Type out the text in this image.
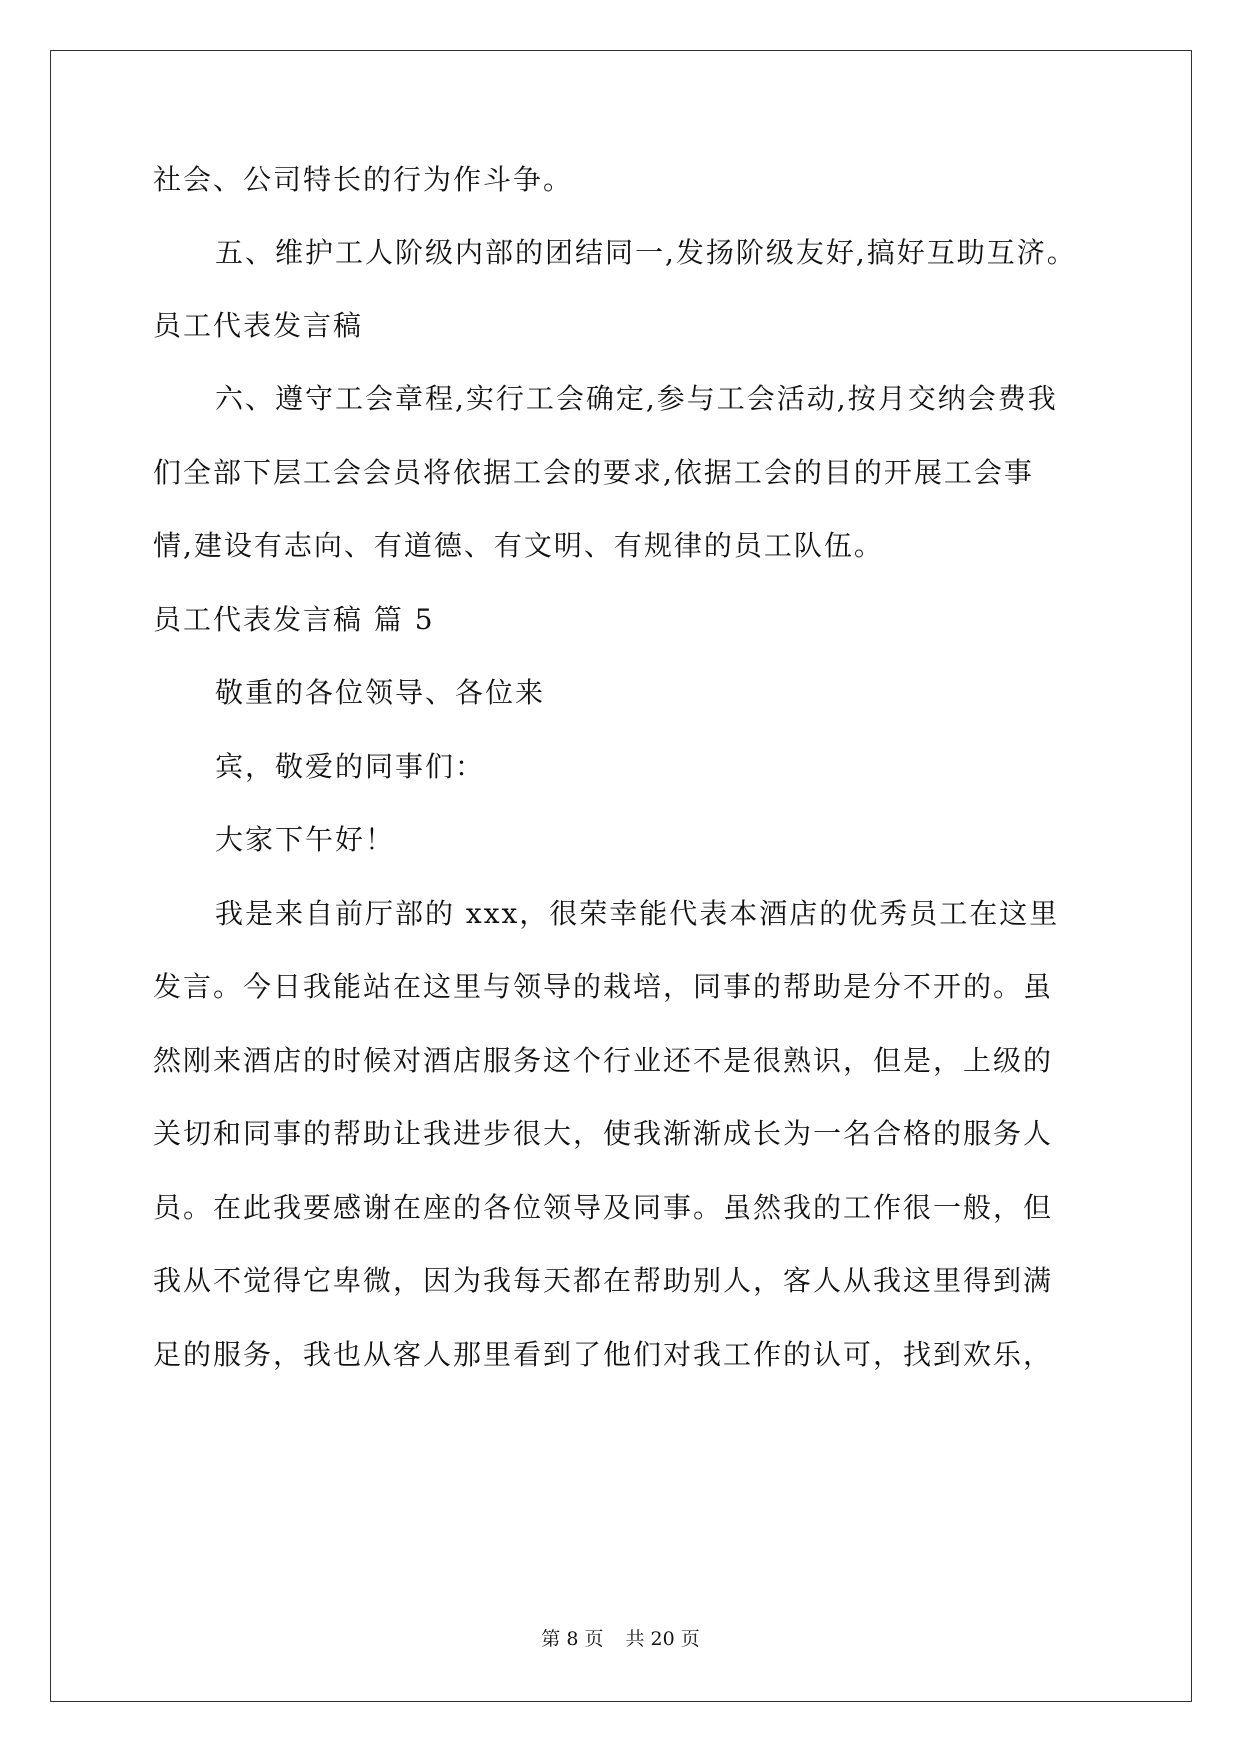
社会、公司特长的行为作斗争。
五、维护工人阶级内部的团结同一,发扬阶级友好,搞好互助互济。
员工代表发言稿
六、遵守工会章程,实行工会确定,参与工会活动,按月交纳会费我
们全部下层工会会员将依据工会的要求,依据工会的目的开展工会事
情,建设有志向、有道德、有文明、有规律的员工队伍。
员工代表发言稿 篇 5
敬重的各位领导、各位来
宾，敬爱的同事们：
大家下午好！
我是来自前厅部的 xxx，很荣幸能代表本酒店的优秀员工在这里
发言。今日我能站在这里与领导的栽培，同事的帮助是分不开的。虽
然刚来酒店的时候对酒店服务这个行业还不是很熟识，但是，上级的
关切和同事的帮助让我进步很大，使我渐渐成长为一名合格的服务人
员。在此我要感谢在座的各位领导及同事。虽然我的工作很一般，但
我从不觉得它卑微，因为我每天都在帮助别人，客人从我这里得到满
足的服务，我也从客人那里看到了他们对我工作的认可，找到欢乐，
第 8 页 共 20 页
